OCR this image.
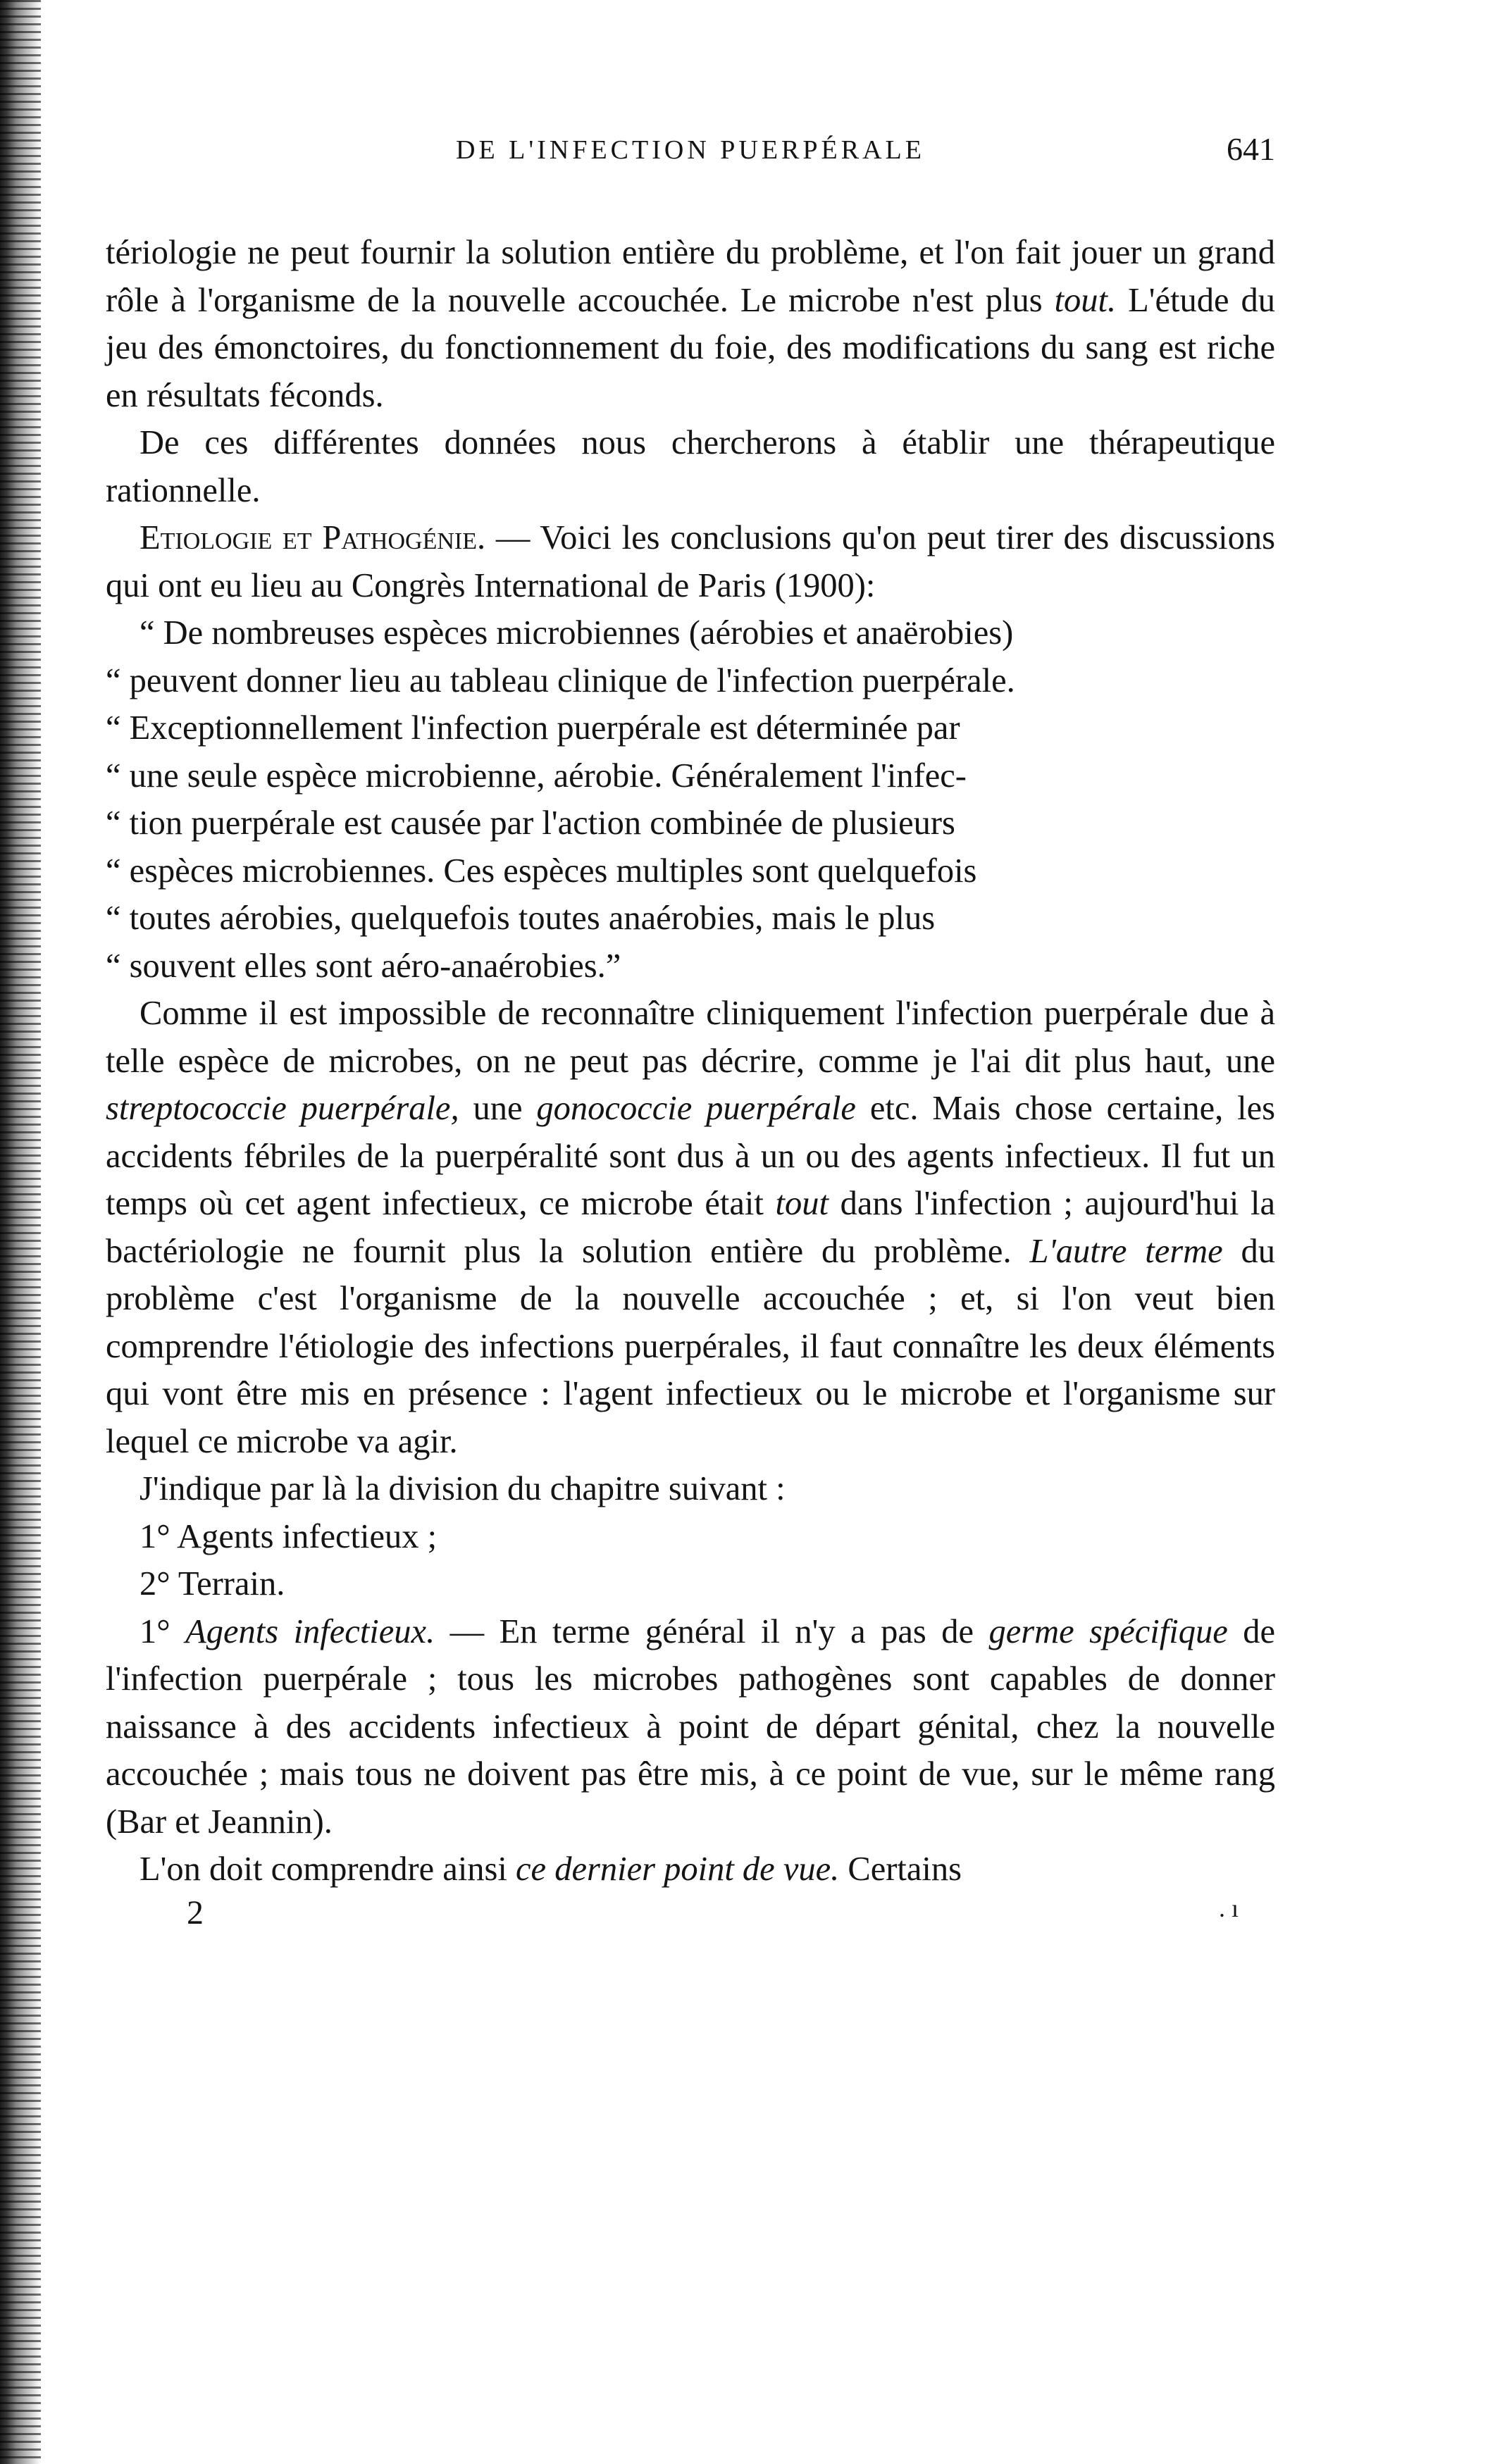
DE L'INFECTION PUERPÉRALE	641

tériologie ne peut fournir la solution entière du problème, et l'on fait jouer un grand rôle à l'organisme de la nouvelle accouchée. Le microbe n'est plus tout. L'étude du jeu des émonctoires, du fonctionnement du foie, des modifications du sang est riche en résultats féconds.

De ces différentes données nous chercherons à établir une thérapeutique rationnelle.

Etiologie et Pathogénie. — Voici les conclusions qu'on peut tirer des discussions qui ont eu lieu au Congrès International de Paris (1900):

“ De nombreuses espèces microbiennes (aérobies et anaërobies)

“ peuvent donner lieu au tableau clinique de l'infection puerpérale.

“ Exceptionnellement l'infection puerpérale est déterminée par

“ une seule espèce microbienne, aérobie. Généralement l'infec-

“ tion puerpérale est causée par l'action combinée de plusieurs

“ espèces microbiennes. Ces espèces multiples sont quelquefois

“ toutes aérobies, quelquefois toutes anaérobies, mais le plus

“ souvent elles sont aéro-anaérobies.”

Comme il est impossible de reconnaître cliniquement l'infection puerpérale due à telle espèce de microbes, on ne peut pas décrire, comme je l'ai dit plus haut, une streptococcie puerpérale, une gonococcie puerpérale etc. Mais chose certaine, les accidents fébriles de la puerpéralité sont dus à un ou des agents infectieux. Il fut un temps où cet agent infectieux, ce microbe était tout dans l'infection ; aujourd'hui la bactériologie ne fournit plus la solution entière du problème. L'autre terme du problème c'est l'organisme de la nouvelle accouchée ; et, si l'on veut bien comprendre l'étiologie des infections puerpérales, il faut connaître les deux éléments qui vont être mis en présence : l'agent infectieux ou le microbe et l'organisme sur lequel ce microbe va agir.

J'indique par là la division du chapitre suivant :

1° Agents infectieux ;

2° Terrain.

1° Agents infectieux. — En terme général il n'y a pas de germe spécifique de l'infection puerpérale ; tous les microbes pathogènes sont capables de donner naissance à des accidents infectieux à point de départ génital, chez la nouvelle accouchée ; mais tous ne doivent pas être mis, à ce point de vue, sur le même rang (Bar et Jeannin).

L'on doit comprendre ainsi ce dernier point de vue. Certains

2	. ı
